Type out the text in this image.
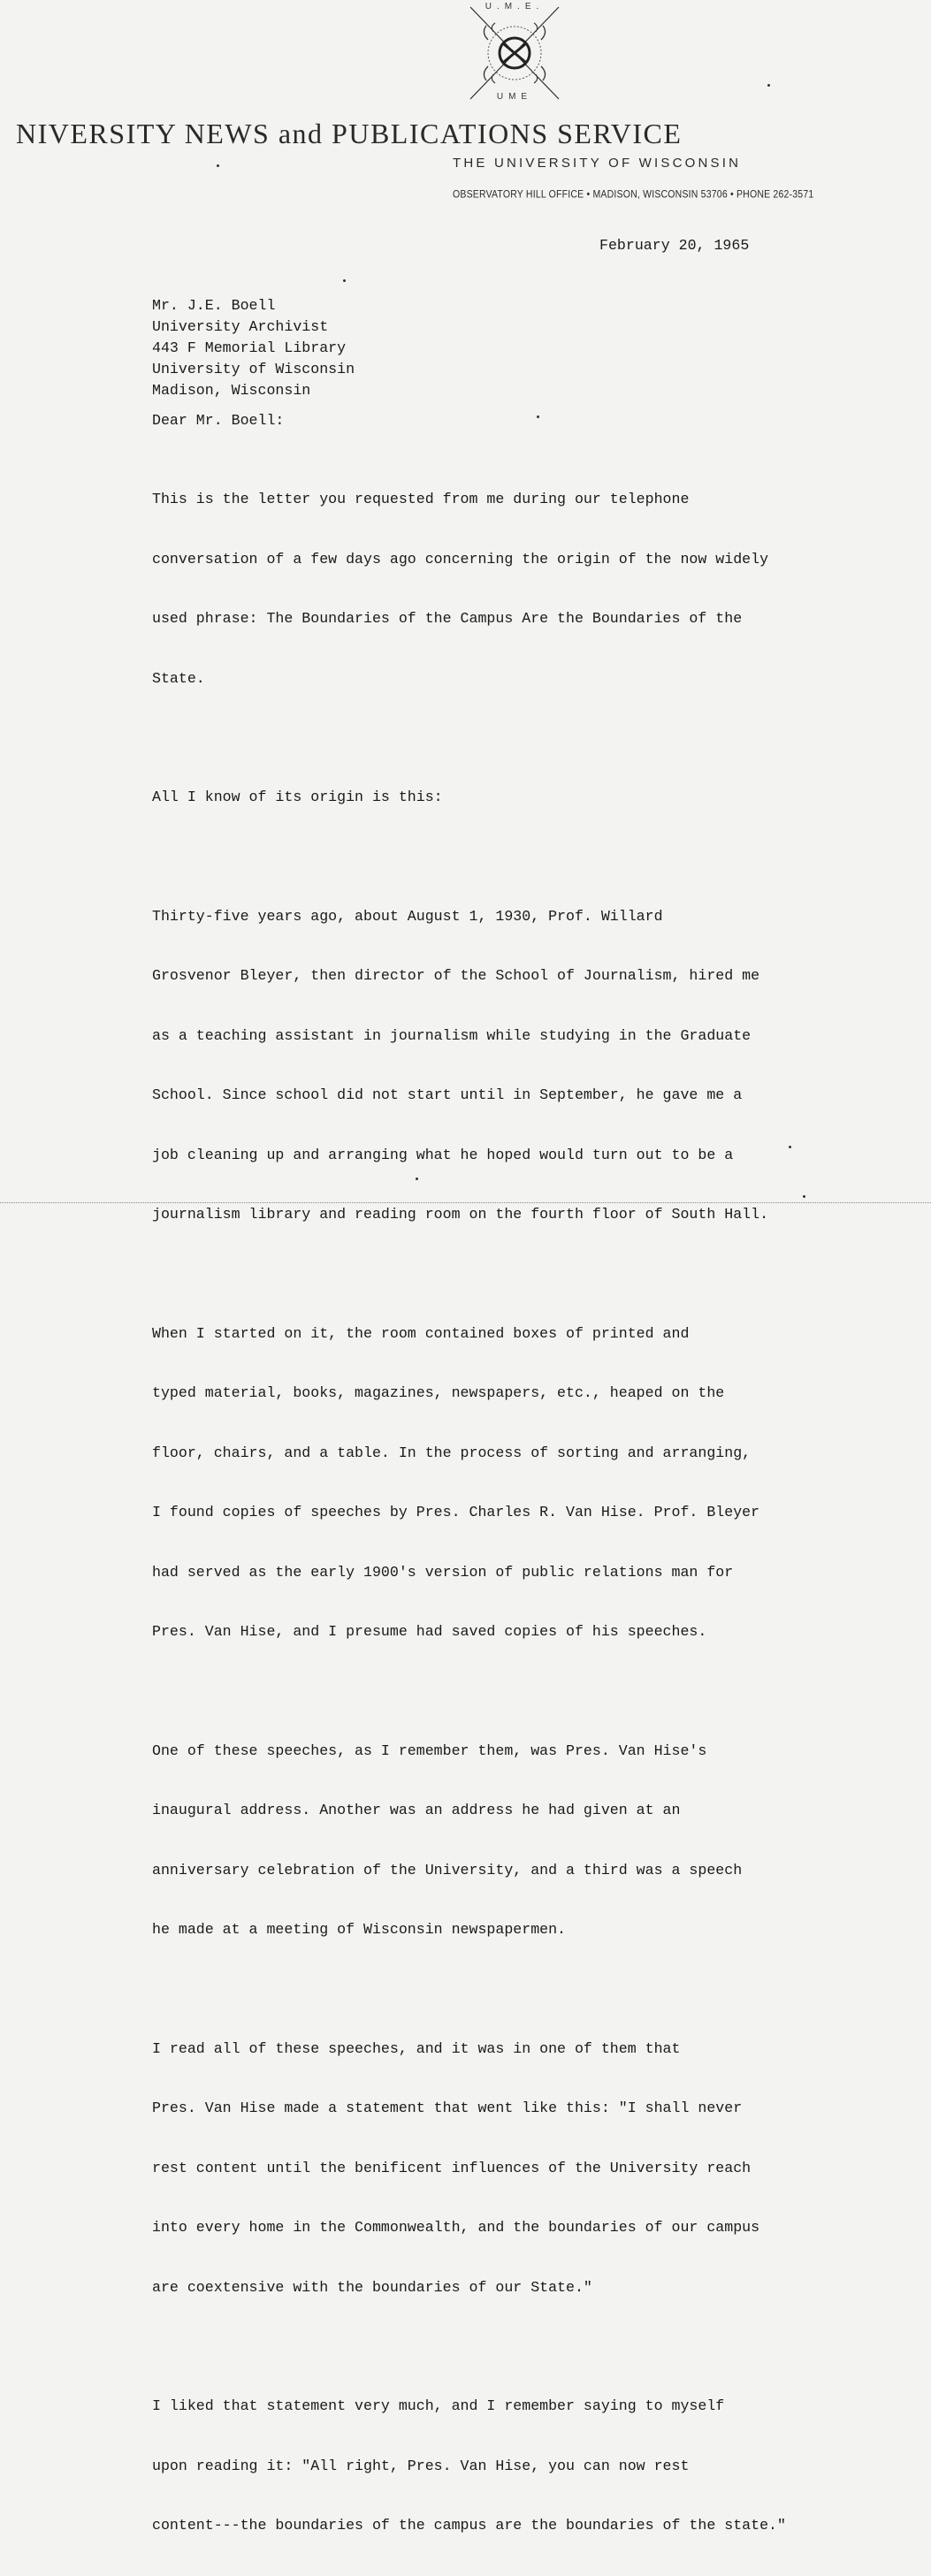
U.M.E.
UME
NIVERSITY NEWS and PUBLICATIONS SERVICE
THE UNIVERSITY OF WISCONSIN
OBSERVATORY HILL OFFICE • MADISON, WISCONSIN 53706 • PHONE 262-3571
February 20, 1965
Mr. J.E. Boell
University Archivist
443 F Memorial Library
University of Wisconsin
Madison, Wisconsin
Dear Mr. Boell:

This is the letter you requested from me during our telephone

conversation of a few days ago concerning the origin of the now widely

used phrase: The Boundaries of the Campus Are the Boundaries of the

State.

All I know of its origin is this:

Thirty-five years ago, about August 1, 1930, Prof. Willard

Grosvenor Bleyer, then director of the School of Journalism, hired me

as a teaching assistant in journalism while studying in the Graduate

School. Since school did not start until in September, he gave me a

job cleaning up and arranging what he hoped would turn out to be a

journalism library and reading room on the fourth floor of South Hall.

When I started on it, the room contained boxes of printed and

typed material, books, magazines, newspapers, etc., heaped on the

floor, chairs, and a table. In the process of sorting and arranging,

I found copies of speeches by Pres. Charles R. Van Hise. Prof. Bleyer

had served as the early 1900's version of public relations man for

Pres. Van Hise, and I presume had saved copies of his speeches.

One of these speeches, as I remember them, was Pres. Van Hise's

inaugural address. Another was an address he had given at an

anniversary celebration of the University, and a third was a speech

he made at a meeting of Wisconsin newspapermen.

I read all of these speeches, and it was in one of them that

Pres. Van Hise made a statement that went like this: "I shall never

rest content until the benificent influences of the University reach

into every home in the Commonwealth, and the boundaries of our campus

are coextensive with the boundaries of our State."

I liked that statement very much, and I remember saying to myself

upon reading it: "All right, Pres. Van Hise, you can now rest

content---the boundaries of the campus are the boundaries of the state."
